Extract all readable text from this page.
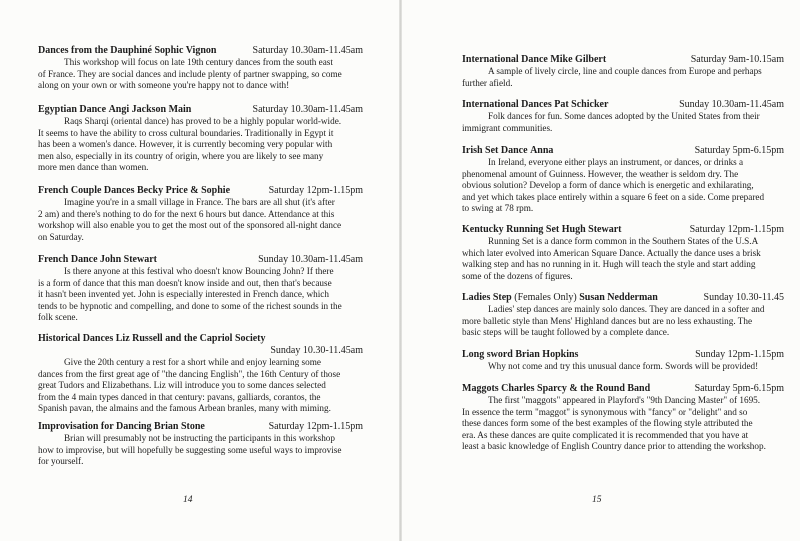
Dances from the Dauphiné Sophic Vignon	Saturday 10.30am-11.45am
This workshop will focus on late 19th century dances from the south east
of France. They are social dances and include plenty of partner swapping, so come
along on your own or with someone you're happy not to dance with!
Egyptian Dance Angi Jackson Main	Saturday 10.30am-11.45am
Raqs Sharqi (oriental dance) has proved to be a highly popular world-wide.
It seems to have the ability to cross cultural boundaries. Traditionally in Egypt it
has been a women's dance. However, it is currently becoming very popular with
men also, especially in its country of origin, where you are likely to see many
more men dance than women.
French Couple Dances Becky Price & Sophie	Saturday 12pm-1.15pm
Imagine you're in a small village in France. The bars are all shut (it's after
2 am) and there's nothing to do for the next 6 hours but dance. Attendance at this
workshop will also enable you to get the most out of the sponsored all-night dance
on Saturday.
French Dance John Stewart	Sunday 10.30am-11.45am
Is there anyone at this festival who doesn't know Bouncing John? If there
is a form of dance that this man doesn't know inside and out, then that's because
it hasn't been invented yet. John is especially interested in French dance, which
tends to be hypnotic and compelling, and done to some of the richest sounds in the
folk scene.
Historical Dances Liz Russell and the Capriol Society
Sunday 10.30-11.45am
Give the 20th century a rest for a short while and enjoy learning some
dances from the first great age of "the dancing English", the 16th Century of those
great Tudors and Elizabethans. Liz will introduce you to some dances selected
from the 4 main types danced in that century: pavans, galliards, corantos, the
Spanish pavan, the almains and the famous Arbean branles, many with miming.
Improvisation for Dancing Brian Stone	Saturday 12pm-1.15pm
Brian will presumably not be instructing the participants in this workshop
how to improvise, but will hopefully be suggesting some useful ways to improvise
for yourself.
14
International Dance Mike Gilbert	Saturday 9am-10.15am
A sample of lively circle, line and couple dances from Europe and perhaps
further afield.
International Dances Pat Schicker	Sunday 10.30am-11.45am
Folk dances for fun. Some dances adopted by the United States from their
immigrant communities.
Irish Set Dance Anna	Saturday 5pm-6.15pm
In Ireland, everyone either plays an instrument, or dances, or drinks a
phenomenal amount of Guinness. However, the weather is seldom dry. The
obvious solution? Develop a form of dance which is energetic and exhilarating,
and yet which takes place entirely within a square 6 feet on a side. Come prepared
to swing at 78 rpm.
Kentucky Running Set Hugh Stewart	Saturday 12pm-1.15pm
Running Set is a dance form common in the Southern States of the U.S.A
which later evolved into American Square Dance. Actually the dance uses a brisk
walking step and has no running in it. Hugh will teach the style and start adding
some of the dozens of figures.
Ladies Step (Females Only) Susan Nedderman	Sunday 10.30-11.45
Ladies' step dances are mainly solo dances. They are danced in a softer and
more balletic style than Mens' Highland dances but are no less exhausting. The
basic steps will be taught followed by a complete dance.
Long sword Brian Hopkins	Sunday 12pm-1.15pm
Why not come and try this unusual dance form. Swords will be provided!
Maggots Charles Sparcy & the Round Band	Saturday 5pm-6.15pm
The first "maggots" appeared in Playford's "9th Dancing Master" of 1695.
In essence the term "maggot" is synonymous with "fancy" or "delight" and so
these dances form some of the best examples of the flowing style attributed the
era. As these dances are quite complicated it is recommended that you have at
least a basic knowledge of English Country dance prior to attending the workshop.
15
